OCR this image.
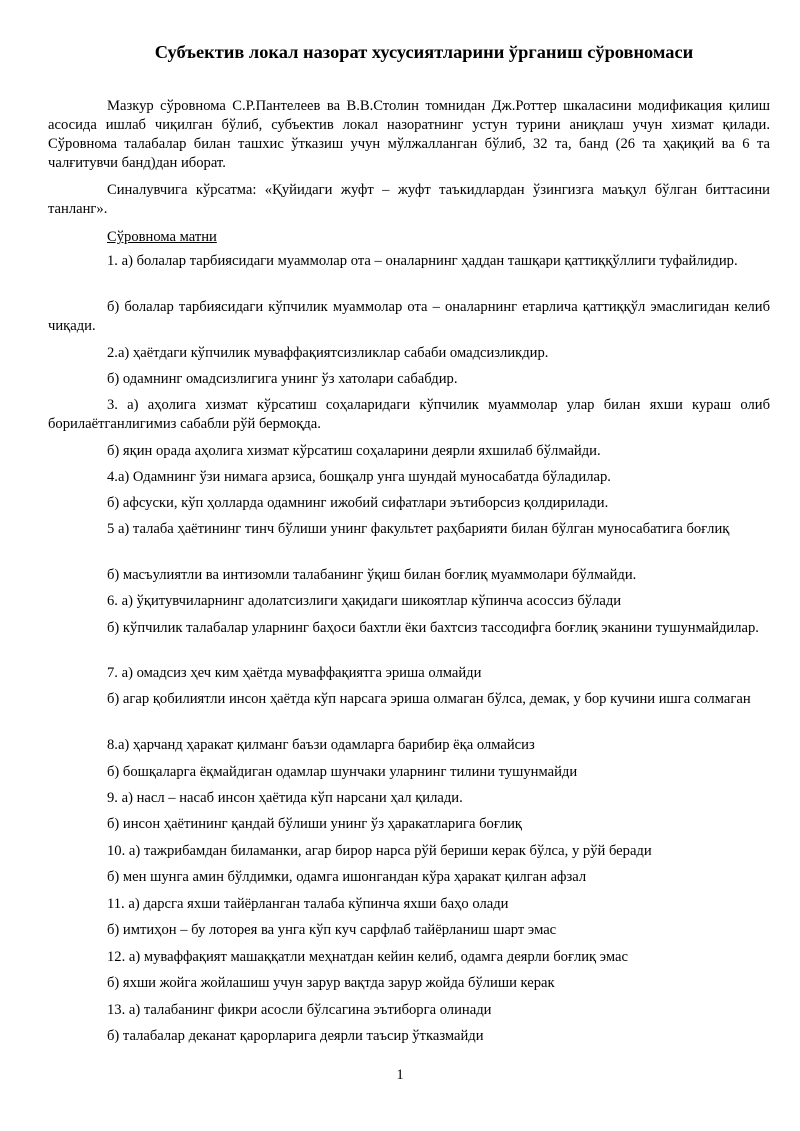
Субъектив локал назорат хусусиятларини ўрганиш сўровномаси

Мазкур сўровнома С.Р.Пантелеев ва В.В.Столин томнидан Дж.Роттер шкаласини модификация қилиш асосида ишлаб чиқилган бўлиб, субъектив локал назоратнинг устун турини аниқлаш учун хизмат қилади. Сўровнома талабалар билан ташхис ўтказиш учун мўлжалланган бўлиб, 32 та, банд (26 та ҳақиқий ва 6 та чалғитувчи банд)дан иборат.

Синалувчига кўрсатма: «Қуйидаги жуфт – жуфт таъкидлардан ўзингизга маъқул бўлган биттасини танланг».

Сўровнома матни

1. а) болалар тарбиясидаги муаммолар ота – оналарнинг ҳаддан ташқари қаттиққўллиги туфайлидир.

б) болалар тарбиясидаги кўпчилик муаммолар ота – оналарнинг етарлича қаттиққўл эмаслигидан келиб чиқади.

2.а) ҳаётдаги кўпчилик муваффақиятсизликлар сабаби омадсизликдир.

б) одамнинг омадсизлигига унинг ўз хатолари сабабдир.

3. а) аҳолига хизмат кўрсатиш соҳаларидаги кўпчилик муаммолар улар билан яхши кураш олиб борилаётганлигимиз сабабли рўй бермоқда.

б) яқин орада аҳолига хизмат кўрсатиш соҳаларини деярли яхшилаб бўлмайди.

4.а) Одамнинг ўзи нимага арзиса, бошқалр унга шундай муносабатда бўладилар.

б) афсуски, кўп ҳолларда одамнинг ижобий сифатлари эътиборсиз қолдирилади.

5 а) талаба ҳаётининг тинч бўлиши унинг факультет раҳбарияти билан бўлган муносабатига боғлиқ

б) масъулиятли ва интизомли талабанинг ўқиш билан боғлиқ муаммолари бўлмайди.

6. а) ўқитувчиларнинг адолатсизлиги ҳақидаги шикоятлар кўпинча асоссиз бўлади

б) кўпчилик талабалар уларнинг баҳоси бахтли ёки бахтсиз тассодифга боғлиқ эканини тушунмайдилар.

7. а) омадсиз ҳеч ким ҳаётда муваффақиятга эриша олмайди

б) агар қобилиятли инсон ҳаётда кўп нарсага эриша олмаган бўлса, демак, у бор кучини ишга солмаган

8.а) ҳарчанд ҳаракат қилманг баъзи одамларга барибир ёқа олмайсиз

б) бошқаларга ёқмайдиган одамлар шунчаки уларнинг тилини тушунмайди

9. а) насл – насаб инсон ҳаётида кўп нарсани ҳал қилади.

б) инсон ҳаётининг қандай бўлиши унинг ўз ҳаракатларига боғлиқ

10. а) тажрибамдан биламанки, агар бирор нарса рўй бериши керак бўлса, у рўй беради

б) мен шунга амин бўлдимки, одамга ишонгандан кўра ҳаракат қилган афзал

11. а) дарсга яхши тайёрланган талаба кўпинча яхши баҳо олади

б) имтиҳон – бу лоторея ва унга кўп куч сарфлаб тайёрланиш шарт эмас

12. а) муваффақият машаққатли меҳнатдан кейин келиб, одамга деярли боғлиқ эмас

б) яхши жойга жойлашиш учун зарур вақтда зарур жойда бўлиши керак

13. а) талабанинг фикри асосли бўлсагина эътиборга олинади

б) талабалар деканат қарорларига деярли таъсир ўтказмайди

1
